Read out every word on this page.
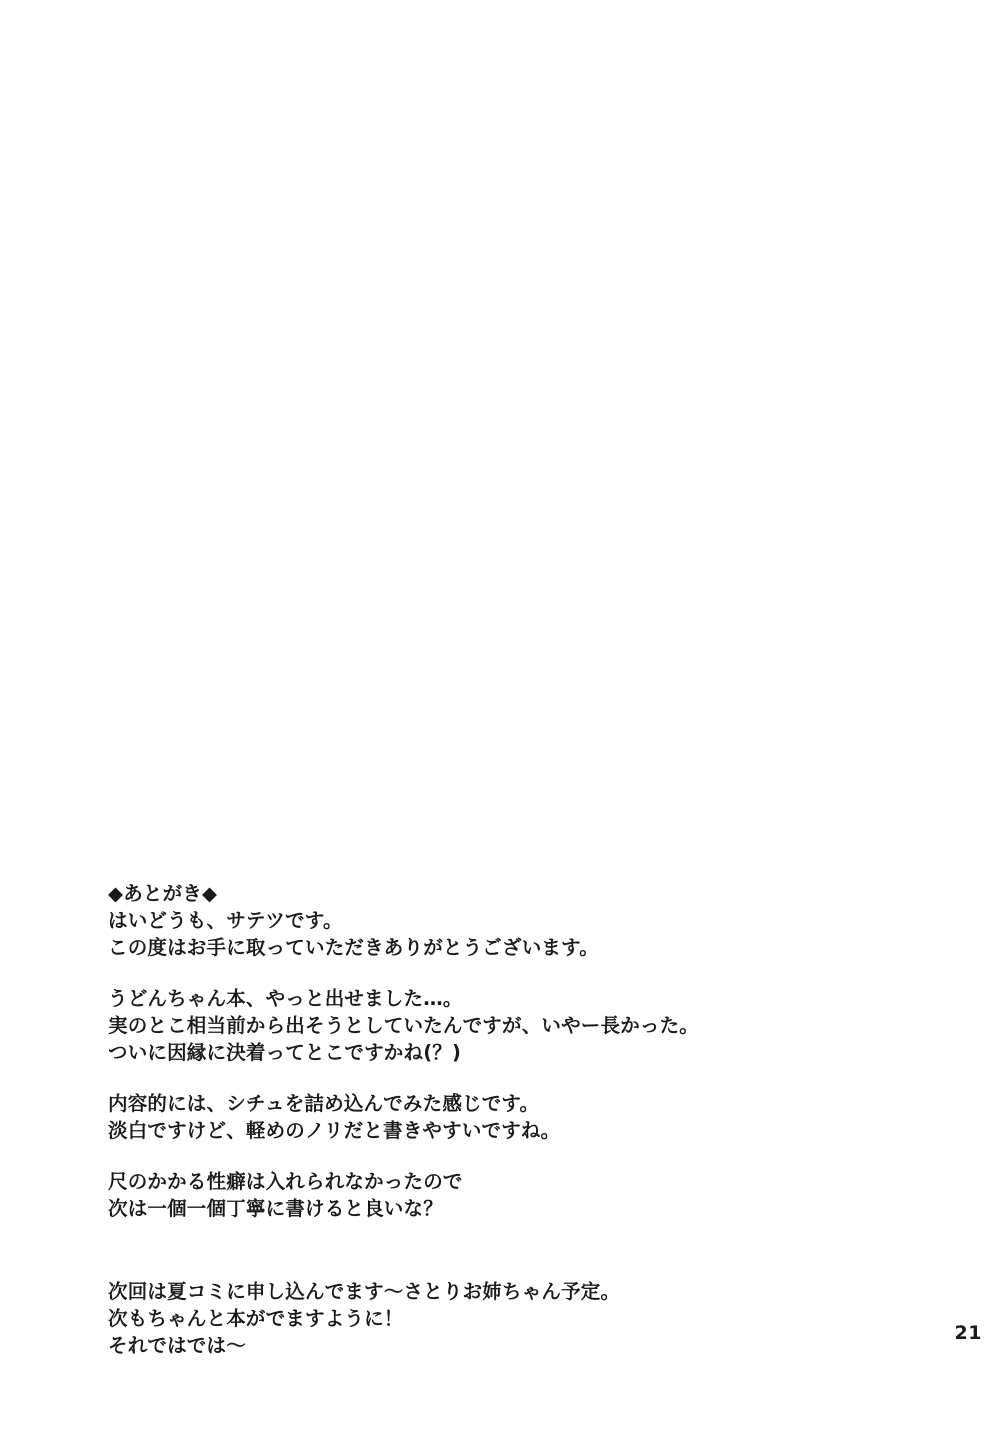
◆あとがき◆
はいどうも、サテツです。
この度はお手に取っていただきありがとうございます。
うどんちゃん本、やっと出せました…。
実のとこ相当前から出そうとしていたんですが、いやー長かった。
ついに因縁に決着ってとこですかね(？)
内容的には、シチュを詰め込んでみた感じです。
淡白ですけど、軽めのノリだと書きやすいですね。
尺のかかる性癖は入れられなかったので
次は一個一個丁寧に書けると良いな？
次回は夏コミに申し込んでます〜さとりお姉ちゃん予定。
次もちゃんと本がでますように！
それではでは〜
21
